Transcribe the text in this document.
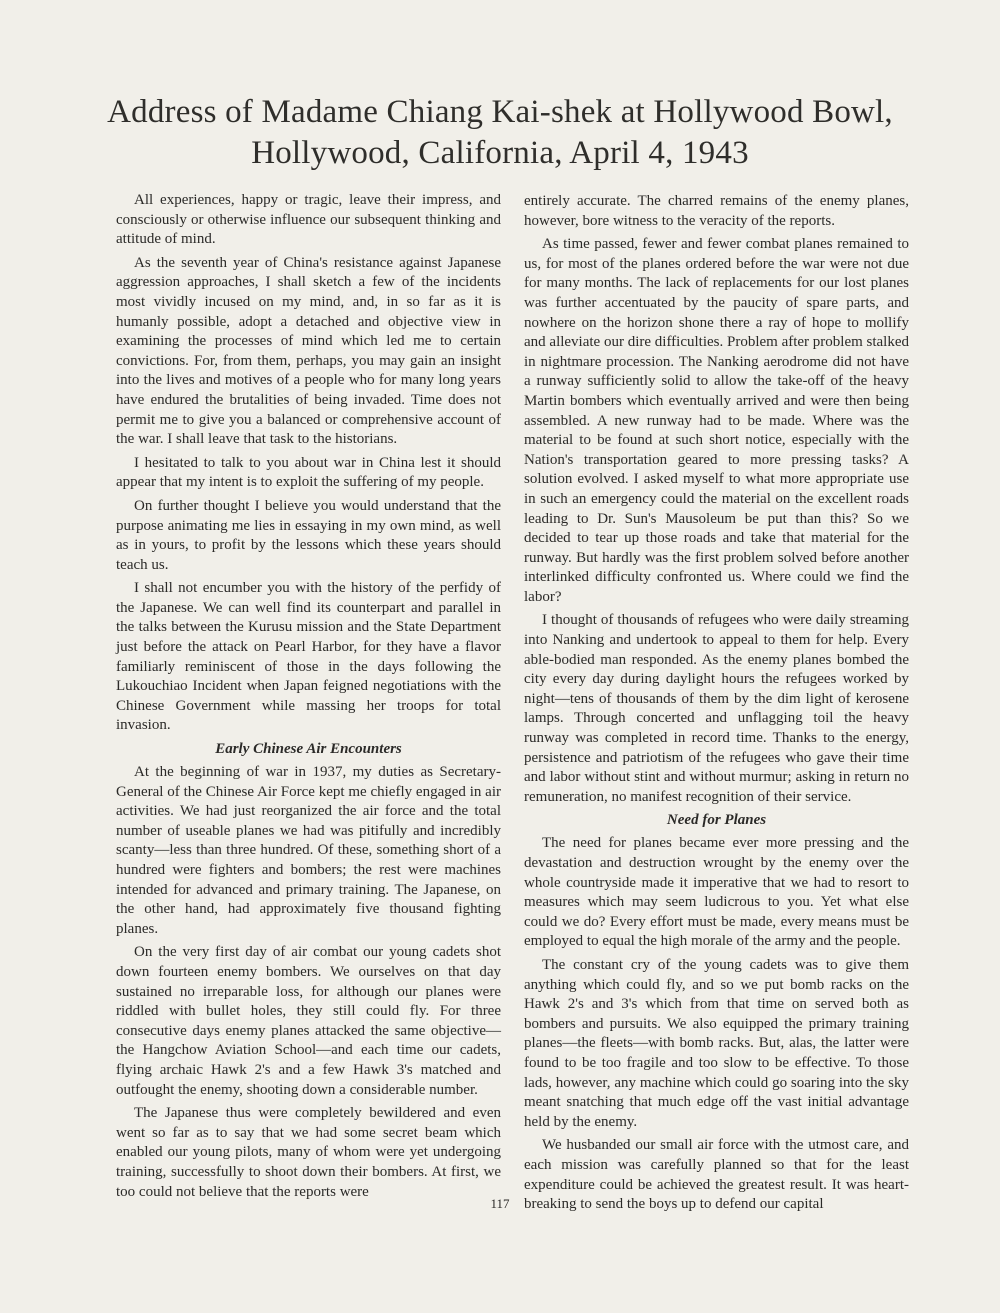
Address of Madame Chiang Kai-shek at Hollywood Bowl,
Hollywood, California, April 4, 1943

All experiences, happy or tragic, leave their impress, and consciously or otherwise influence our subsequent thinking and attitude of mind.

As the seventh year of China's resistance against Japanese aggression approaches, I shall sketch a few of the incidents most vividly incused on my mind, and, in so far as it is humanly possible, adopt a detached and objective view in examining the processes of mind which led me to certain convictions. For, from them, perhaps, you may gain an insight into the lives and motives of a people who for many long years have endured the brutalities of being invaded. Time does not permit me to give you a balanced or comprehensive account of the war. I shall leave that task to the historians.

I hesitated to talk to you about war in China lest it should appear that my intent is to exploit the suffering of my people.

On further thought I believe you would understand that the purpose animating me lies in essaying in my own mind, as well as in yours, to profit by the lessons which these years should teach us.

I shall not encumber you with the history of the perfidy of the Japanese. We can well find its counterpart and parallel in the talks between the Kurusu mission and the State Department just before the attack on Pearl Harbor, for they have a flavor familiarly reminiscent of those in the days following the Lukouchiao Incident when Japan feigned negotiations with the Chinese Government while massing her troops for total invasion.

Early Chinese Air Encounters

At the beginning of war in 1937, my duties as Secretary-General of the Chinese Air Force kept me chiefly engaged in air activities. We had just reorganized the air force and the total number of useable planes we had was pitifully and incredibly scanty—less than three hundred. Of these, something short of a hundred were fighters and bombers; the rest were machines intended for advanced and primary training. The Japanese, on the other hand, had approximately five thousand fighting planes.

On the very first day of air combat our young cadets shot down fourteen enemy bombers. We ourselves on that day sustained no irreparable loss, for although our planes were riddled with bullet holes, they still could fly. For three consecutive days enemy planes attacked the same objective—the Hangchow Aviation School—and each time our cadets, flying archaic Hawk 2's and a few Hawk 3's matched and outfought the enemy, shooting down a considerable number.

The Japanese thus were completely bewildered and even went so far as to say that we had some secret beam which enabled our young pilots, many of whom were yet undergoing training, successfully to shoot down their bombers. At first, we too could not believe that the reports were

entirely accurate. The charred remains of the enemy planes, however, bore witness to the veracity of the reports.

As time passed, fewer and fewer combat planes remained to us, for most of the planes ordered before the war were not due for many months. The lack of replacements for our lost planes was further accentuated by the paucity of spare parts, and nowhere on the horizon shone there a ray of hope to mollify and alleviate our dire difficulties. Problem after problem stalked in nightmare procession. The Nanking aerodrome did not have a runway sufficiently solid to allow the take-off of the heavy Martin bombers which eventually arrived and were then being assembled. A new runway had to be made. Where was the material to be found at such short notice, especially with the Nation's transportation geared to more pressing tasks? A solution evolved. I asked myself to what more appropriate use in such an emergency could the material on the excellent roads leading to Dr. Sun's Mausoleum be put than this? So we decided to tear up those roads and take that material for the runway. But hardly was the first problem solved before another interlinked difficulty confronted us. Where could we find the labor?

I thought of thousands of refugees who were daily streaming into Nanking and undertook to appeal to them for help. Every able-bodied man responded. As the enemy planes bombed the city every day during daylight hours the refugees worked by night—tens of thousands of them by the dim light of kerosene lamps. Through concerted and unflagging toil the heavy runway was completed in record time. Thanks to the energy, persistence and patriotism of the refugees who gave their time and labor without stint and without murmur; asking in return no remuneration, no manifest recognition of their service.

Need for Planes

The need for planes became ever more pressing and the devastation and destruction wrought by the enemy over the whole countryside made it imperative that we had to resort to measures which may seem ludicrous to you. Yet what else could we do? Every effort must be made, every means must be employed to equal the high morale of the army and the people.

The constant cry of the young cadets was to give them anything which could fly, and so we put bomb racks on the Hawk 2's and 3's which from that time on served both as bombers and pursuits. We also equipped the primary training planes—the fleets—with bomb racks. But, alas, the latter were found to be too fragile and too slow to be effective. To those lads, however, any machine which could go soaring into the sky meant snatching that much edge off the vast initial advantage held by the enemy.

We husbanded our small air force with the utmost care, and each mission was carefully planned so that for the least expenditure could be achieved the greatest result. It was heart-breaking to send the boys up to defend our capital

117
